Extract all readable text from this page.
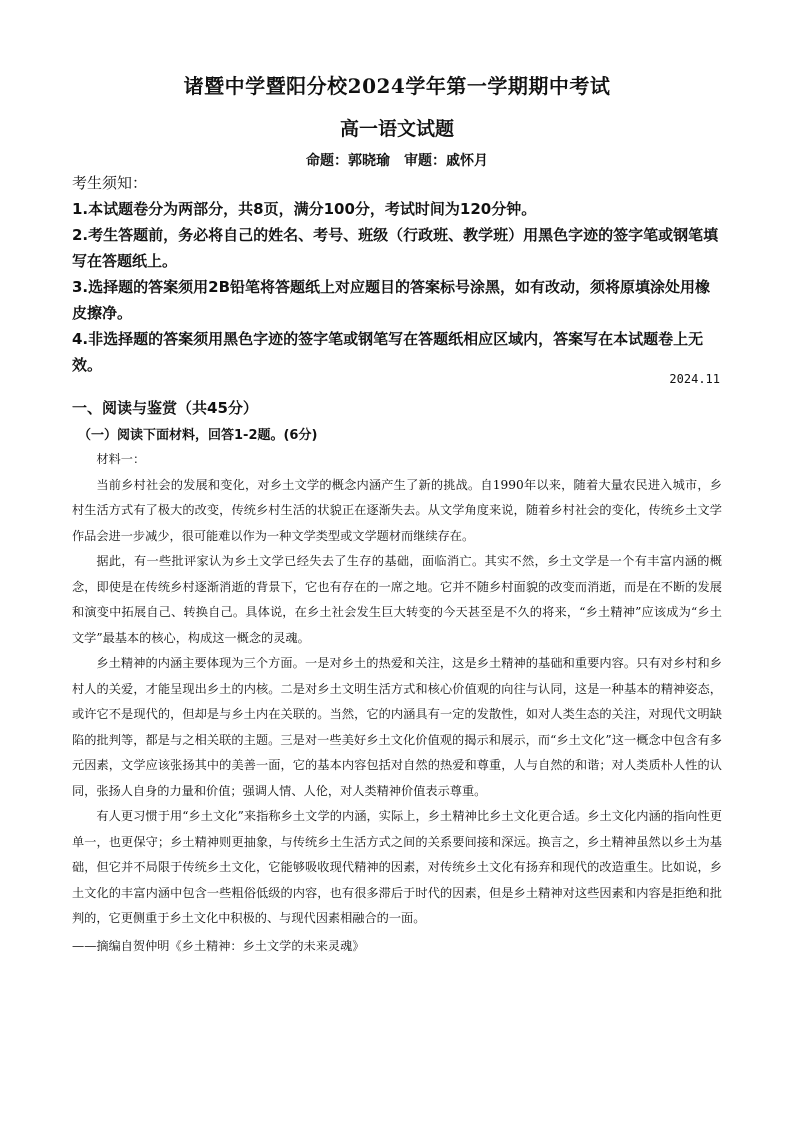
诸暨中学暨阳分校2024学年第一学期期中考试
高一语文试题
命题：郭晓瑜　审题：戚怀月
考生须知：
1.本试题卷分为两部分，共8页，满分100分，考试时间为120分钟。
2.考生答题前，务必将自己的姓名、考号、班级（行政班、教学班）用黑色字迹的签字笔或钢笔填写在答题纸上。
3.选择题的答案须用2B铅笔将答题纸上对应题目的答案标号涂黑，如有改动，须将原填涂处用橡皮擦净。
4.非选择题的答案须用黑色字迹的签字笔或钢笔写在答题纸相应区域内，答案写在本试题卷上无效。
2024.11
一、阅读与鉴赏（共45分）
（一）阅读下面材料，回答1-2题。(6分)

材料一：

当前乡村社会的发展和变化，对乡土文学的概念内涵产生了新的挑战。自1990年以来，随着大量农民进入城市，乡村生活方式有了极大的改变，传统乡村生活的状貌正在逐渐失去。从文学角度来说，随着乡村社会的变化，传统乡土文学作品会进一步减少，很可能难以作为一种文学类型或文学题材而继续存在。

据此，有一些批评家认为乡土文学已经失去了生存的基础，面临消亡。其实不然，乡土文学是一个有丰富内涵的概念，即使是在传统乡村逐渐消逝的背景下，它也有存在的一席之地。它并不随乡村面貌的改变而消逝，而是在不断的发展和演变中拓展自己、转换自己。具体说，在乡土社会发生巨大转变的今天甚至是不久的将来，“乡土精神”应该成为“乡土文学”最基本的核心，构成这一概念的灵魂。

乡土精神的内涵主要体现为三个方面。一是对乡土的热爱和关注，这是乡土精神的基础和重要内容。只有对乡村和乡村人的关爱，才能呈现出乡土的内核。二是对乡土文明生活方式和核心价值观的向往与认同，这是一种基本的精神姿态，或许它不是现代的，但却是与乡土内在关联的。当然，它的内涵具有一定的发散性，如对人类生态的关注，对现代文明缺陷的批判等，都是与之相关联的主题。三是对一些美好乡土文化价值观的揭示和展示，而“乡土文化”这一概念中包含有多元因素，文学应该张扬其中的美善一面，它的基本内容包括对自然的热爱和尊重，人与自然的和谐；对人类质朴人性的认同，张扬人自身的力量和价值；强调人情、人伦，对人类精神价值表示尊重。

有人更习惯于用“乡土文化”来指称乡土文学的内涵，实际上，乡土精神比乡土文化更合适。乡土文化内涵的指向性更单一，也更保守；乡土精神则更抽象，与传统乡土生活方式之间的关系要间接和深远。换言之，乡土精神虽然以乡土为基础，但它并不局限于传统乡土文化，它能够吸收现代精神的因素，对传统乡土文化有扬弃和现代的改造重生。比如说，乡土文化的丰富内涵中包含一些粗俗低级的内容，也有很多滞后于时代的因素，但是乡土精神对这些因素和内容是拒绝和批判的，它更侧重于乡土文化中积极的、与现代因素相融合的一面。

——摘编自贺仲明《乡土精神：乡土文学的未来灵魂》
